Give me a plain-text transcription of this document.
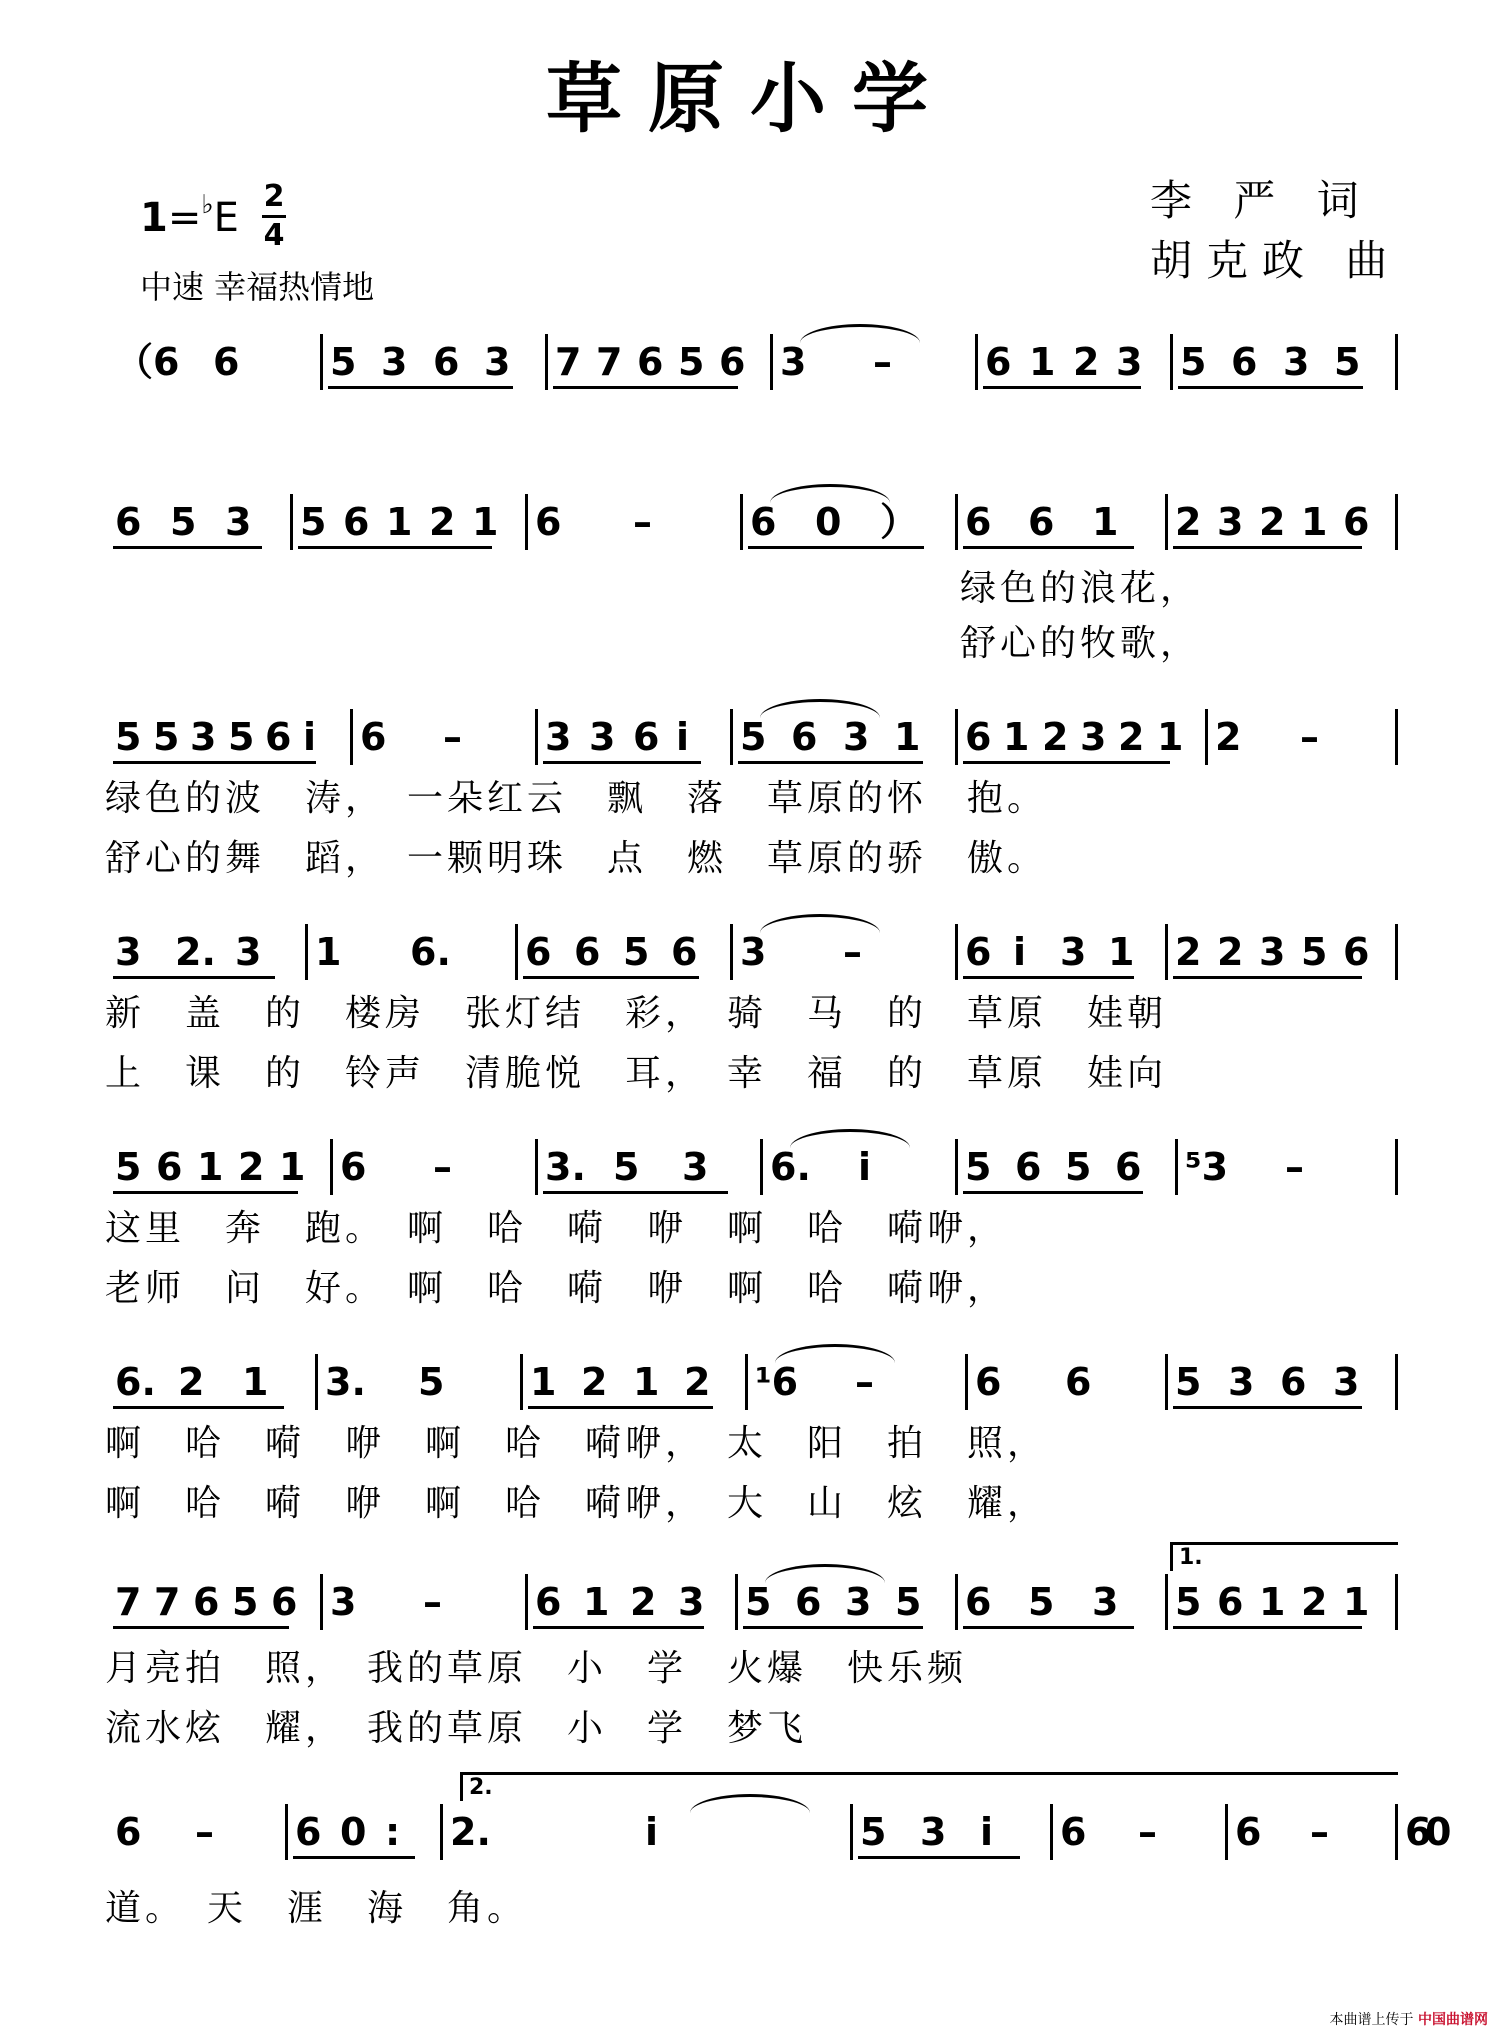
草原小学
1=♭E 2
4
中速 幸福热情地
李 严 词
胡克政 曲
（6 6 5 3 6 3 7 7 6 5 6 3 – 6 1 2 3 5 6 3 5
6 5 3 5 6 1 2 1 6 –	6 0 ） 6 6 1 2 3 2 1 6
绿色的浪花，
舒心的牧歌，
5 5 3 5 6 i 6 – 3 3 6 i 5 6 3 1 6 1 2 3 2 1 2 –
绿色的波　涛，　一朵红云　飘　落　草原的怀　抱。
舒心的舞　蹈，　一颗明珠　点　燃　草原的骄　傲。
3 2. 3 1 6. 6 6 5 6 3 –	6 i 3 1 2 2 3 5 6
新　盖　的　楼房　张灯结　彩，　骑　马　的　草原　娃朝
上　课　的　铃声　清脆悦　耳，　幸　福　的　草原　娃向
5 6 1 2 1 6 – 3. 5 3 6. i 5 6 5 6 ⁵3 –
这里　奔　跑。　啊　哈　嗬　咿　啊　哈　嗬咿，
老师　问　好。　啊　哈　嗬　咿　啊　哈　嗬咿，
6. 2 1 3. 5 1 2 1 2 ¹6 –	6 6 5 3 6 3
啊　哈　嗬　咿　啊　哈　嗬咿，　太　阳　拍　照，
啊　哈　嗬　咿　啊　哈　嗬咿，　大　山　炫　耀，
7 7 6 5 6 3 – 6 1 2 3 5 6 3 5 6 5 3 5 6 1 2 1
1.
月亮拍　照，　我的草原　小　学　火爆　快乐频
流水炫　耀，　我的草原　小　学　梦飞
6 – 6 0 : 2.	i	5 3 i 6 – 6 – 6
0
2.
道。　天　涯　海　角。
本曲谱上传于 中国曲谱网
